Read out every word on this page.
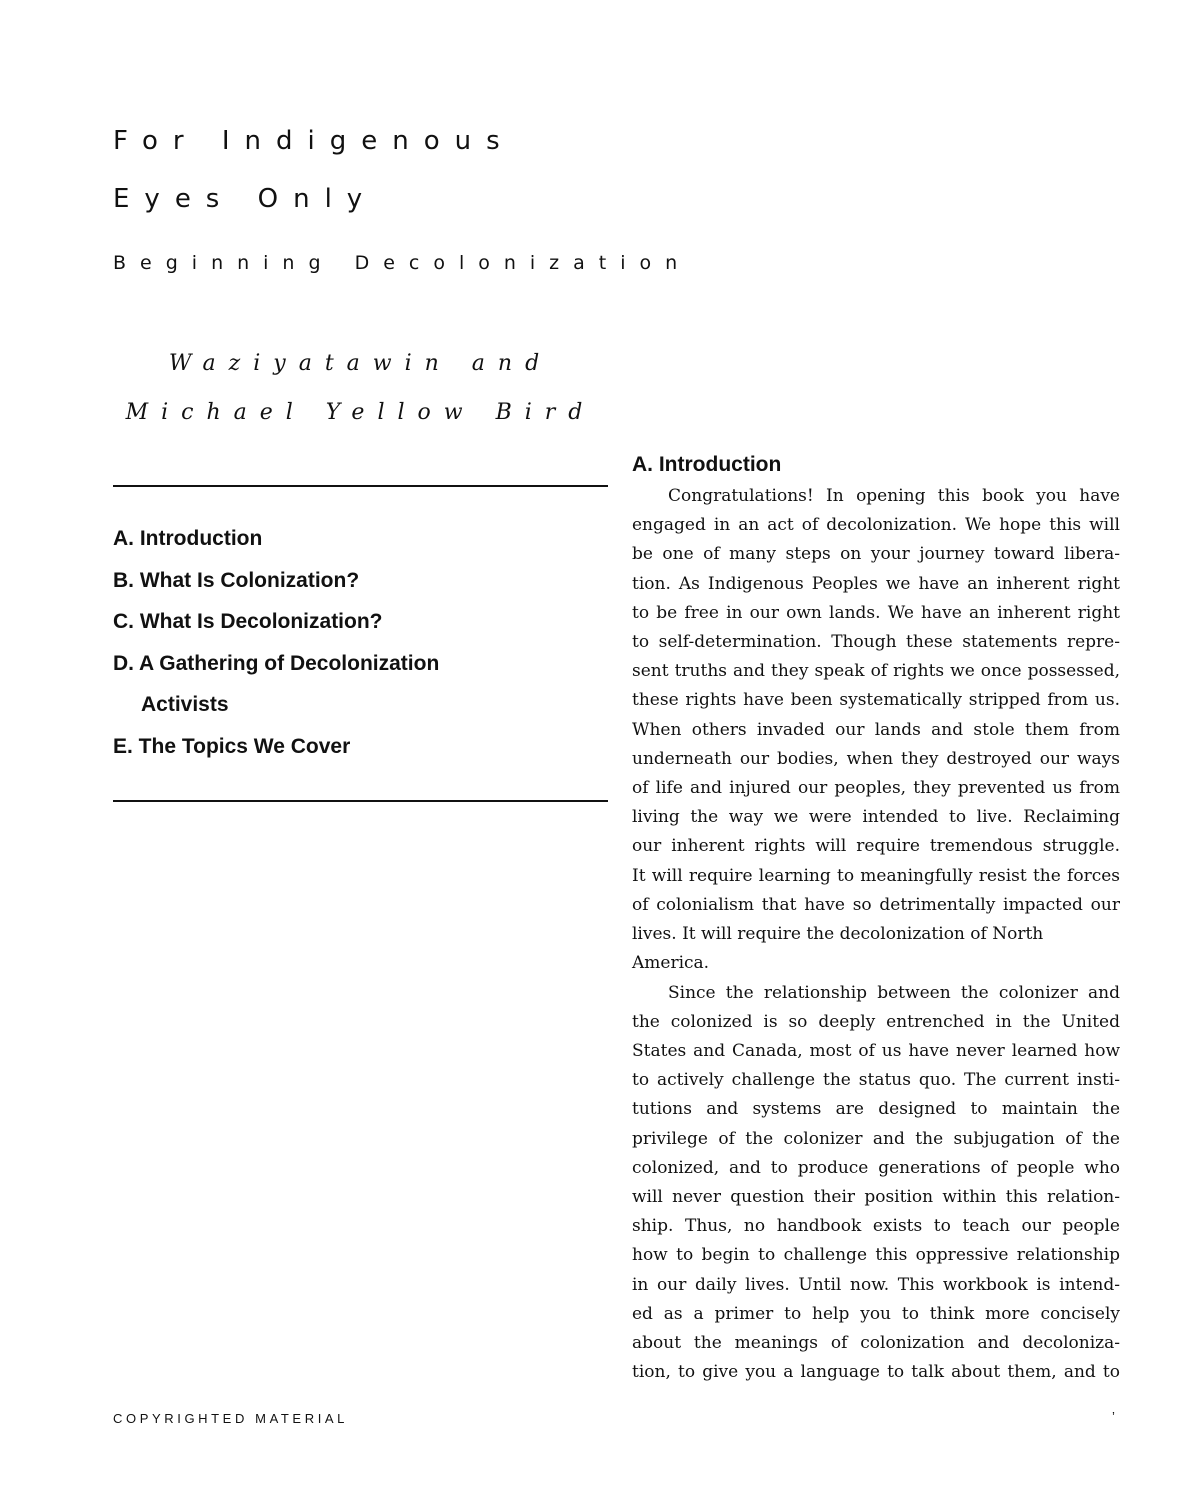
For Indigenous
Eyes Only
Beginning Decolonization

Waziyatawin and

Michael Yellow Bird

A. Introduction
B. What Is Colonization?
C. What Is Decolonization?
D. A Gathering of Decolonization
Activists
E. The Topics We Cover
A. Introduction

Congratulations! In opening this book you have

engaged in an act of decolonization. We hope this will

be one of many steps on your journey toward libera-

tion. As Indigenous Peoples we have an inherent right

to be free in our own lands. We have an inherent right

to self-determination. Though these statements repre-

sent truths and they speak of rights we once possessed,

these rights have been systematically stripped from us.

When others invaded our lands and stole them from

underneath our bodies, when they destroyed our ways

of life and injured our peoples, they prevented us from

living the way we were intended to live. Reclaiming

our inherent rights will require tremendous struggle.

It will require learning to meaningfully resist the forces

of colonialism that have so detrimentally impacted our

lives. It will require the decolonization of North

America.

Since the relationship between the colonizer and

the colonized is so deeply entrenched in the United

States and Canada, most of us have never learned how

to actively challenge the status quo. The current insti-

tutions and systems are designed to maintain the

privilege of the colonizer and the subjugation of the

colonized, and to produce generations of people who

will never question their position within this relation-

ship. Thus, no handbook exists to teach our people

how to begin to challenge this oppressive relationship

in our daily lives. Until now. This workbook is intend-

ed as a primer to help you to think more concisely

about the meanings of colonization and decoloniza-

tion, to give you a language to talk about them, and to

COPYRIGHTED MATERIAL	’
